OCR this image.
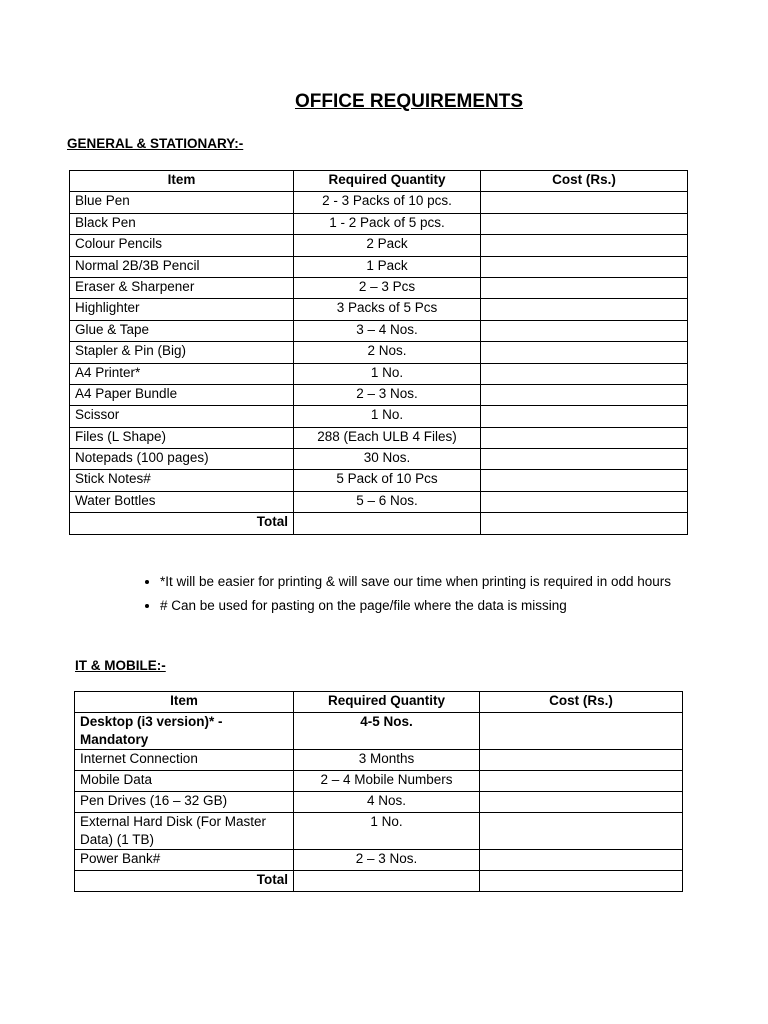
OFFICE REQUIREMENTS
GENERAL & STATIONARY:-
Item	Required Quantity	Cost (Rs.)
Blue Pen	2 - 3 Packs of 10 pcs.	
Black Pen	1 - 2 Pack of 5 pcs.	
Colour Pencils	2 Pack	
Normal 2B/3B Pencil	1 Pack	
Eraser & Sharpener	2 – 3 Pcs	
Highlighter	3 Packs of 5 Pcs	
Glue & Tape	3 – 4 Nos.	
Stapler & Pin (Big)	2 Nos.	
A4 Printer*	1 No.	
A4 Paper Bundle	2 – 3 Nos.	
Scissor	1 No.	
Files (L Shape)	288 (Each ULB 4 Files)	
Notepads (100 pages)	30 Nos.	
Stick Notes#	5 Pack of 10 Pcs	
Water Bottles	5 – 6 Nos.	
Total		
• *It will be easier for printing & will save our time when printing is required in odd hours
• # Can be used for pasting on the page/file where the data is missing
IT & MOBILE:-
Item	Required Quantity	Cost (Rs.)
Desktop (i3 version)* - Mandatory	4-5 Nos.	
Internet Connection	3 Months	
Mobile Data	2 – 4 Mobile Numbers	
Pen Drives (16 – 32 GB)	4 Nos.	
External Hard Disk (For Master Data) (1 TB)	1 No.	
Power Bank#	2 – 3 Nos.	
Total		
